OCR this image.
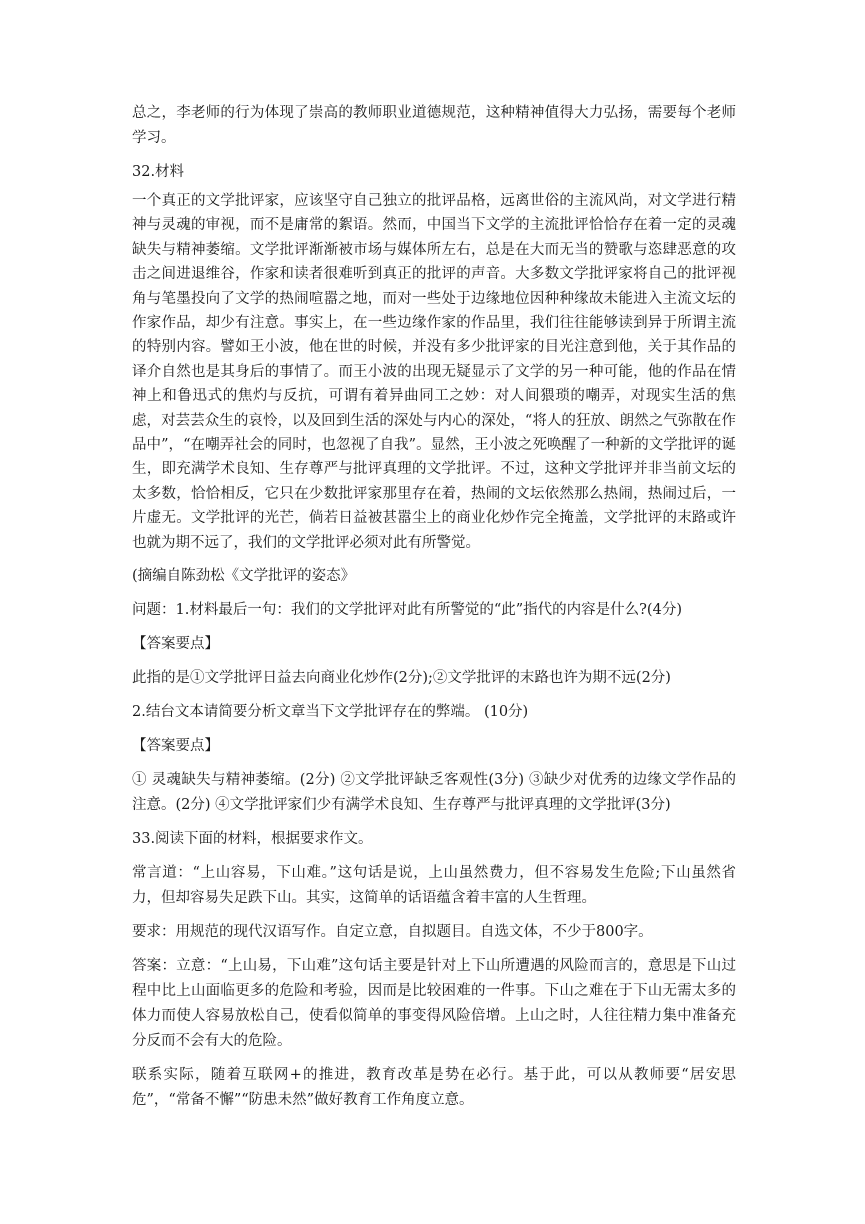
总之，李老师的行为体现了崇高的教师职业道德规范，这种精神值得大力弘扬，需要每个老师学习。

32.材料

一个真正的文学批评家，应该坚守自己独立的批评品格，远离世俗的主流风尚，对文学进行精神与灵魂的审视，而不是庸常的絮语。然而，中国当下文学的主流批评恰恰存在着一定的灵魂缺失与精神萎缩。文学批评渐渐被市场与媒体所左右，总是在大而无当的赞歌与恣肆恶意的攻击之间进退维谷，作家和读者很难听到真正的批评的声音。大多数文学批评家将自己的批评视角与笔墨投向了文学的热闹喧嚣之地，而对一些处于边缘地位因种种缘故未能进入主流文坛的作家作品，却少有注意。事实上，在一些边缘作家的作品里，我们往往能够读到异于所谓主流的特别内容。譬如王小波，他在世的时候，并没有多少批评家的目光注意到他，关于其作品的译介自然也是其身后的事情了。而王小波的出现无疑显示了文学的另一种可能，他的作品在情神上和鲁迅式的焦灼与反抗，可谓有着异曲同工之妙：对人间猥琐的嘲弄，对现实生活的焦虑，对芸芸众生的哀怜，以及回到生活的深处与内心的深处，“将人的狂放、朗然之气弥散在作品中”，“在嘲弄社会的同时，也忽视了自我”。显然，王小波之死唤醒了一种新的文学批评的诞生，即充满学术良知、生存尊严与批评真理的文学批评。不过，这种文学批评并非当前文坛的太多数，恰恰相反，它只在少数批评家那里存在着，热闹的文坛依然那么热闹，热闹过后，一片虚无。文学批评的光芒，倘若日益被甚嚣尘上的商业化炒作完全掩盖，文学批评的末路或许也就为期不远了，我们的文学批评必须对此有所警觉。

(摘编自陈劲松《文学批评的姿态》

问题：1.材料最后一句：我们的文学批评对此有所警觉的“此”指代的内容是什么?(4分)

【答案要点】

此指的是①文学批评日益去向商业化炒作(2分);②文学批评的末路也许为期不远(2分)

2.结台文本请简要分析文章当下文学批评存在的弊端。 (10分)

【答案要点】

① 灵魂缺失与精神萎缩。(2分) ②文学批评缺乏客观性(3分) ③缺少对优秀的边缘文学作品的注意。(2分) ④文学批评家们少有满学术良知、生存尊严与批评真理的文学批评(3分)

33.阅读下面的材料，根据要求作文。

常言道：“上山容易，下山难。”这句话是说，上山虽然费力，但不容易发生危险;下山虽然省力，但却容易失足跌下山。其实，这简单的话语蕴含着丰富的人生哲理。

要求：用规范的现代汉语写作。自定立意，自拟题目。自选文体，不少于800字。

答案：立意：“上山易，下山难”这句话主要是针对上下山所遭遇的风险而言的，意思是下山过程中比上山面临更多的危险和考验，因而是比较困难的一件事。下山之难在于下山无需太多的体力而使人容易放松自己，使看似简单的事变得风险倍增。上山之时，人往往精力集中准备充分反而不会有大的危险。

联系实际，随着互联网+的推进，教育改革是势在必行。基于此，可以从教师要“居安思危”，“常备不懈”“防患未然”做好教育工作角度立意。
